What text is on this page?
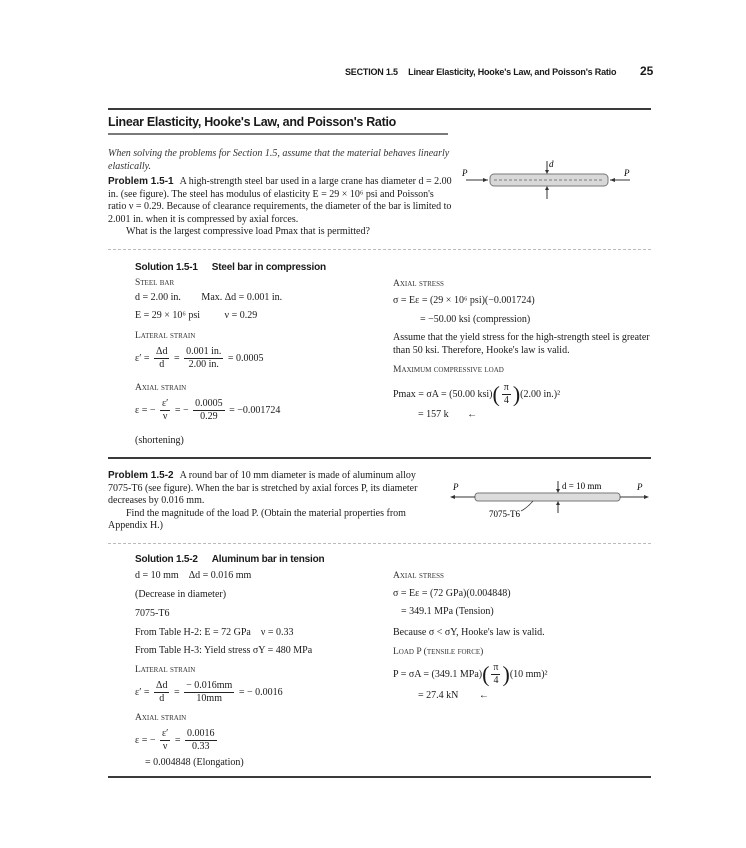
SECTION 1.5 Linear Elasticity, Hooke's Law, and Poisson's Ratio 25
Linear Elasticity, Hooke's Law, and Poisson's Ratio
When solving the problems for Section 1.5, assume that the material behaves linearly elastically.
Problem 1.5-1 A high-strength steel bar used in a large crane has diameter d = 2.00 in. (see figure). The steel has modulus of elasticity E = 29 × 10⁶ psi and Poisson's ratio ν = 0.29. Because of clearance requirements, the diameter of the bar is limited to 2.001 in. when it is compressed by axial forces.
What is the largest compressive load Pmax that is permitted?
P	P
d
Solution 1.5-1 Steel bar in compression
Steel bar
d = 2.00 in. Max. Δd = 0.001 in.
E = 29 × 10⁶ psi ν = 0.29
Lateral strain
$\varepsilon' = \frac{\Delta d}{d} = \frac{0.001 in.}{2.00 in.} = 0.0005$
Axial strain
ε = − $\frac{\varepsilon'}{\nu}$ = − $\frac{0.0005}{0.29} = -0.001724$
(shortening)
Axial stress
σ = Eε = (29 × 10⁶ psi)(−0.001724)
= −50.00 ksi (compression)
Assume that the yield stress for the high-strength steel is greater than 50 ksi. Therefore, Hooke's law is valid.
Maximum compressive load
Pmax = σA = (50.00 $ksi)( \frac{\pi}{4} )(2.00$ in.)²
= 157 k ←
Problem 1.5-2 A round bar of 10 mm diameter is made of aluminum alloy 7075-T6 (see figure). When the bar is stretched by axial forces P, its diameter decreases by 0.016 mm.
Find the magnitude of the load P. (Obtain the material properties from Appendix H.)
P	P
d = 10 mm
7075-T6
Solution 1.5-2 Aluminum bar in tension
d = 10 mm    Δd = 0.016 mm
(Decrease in diameter)
7075-T6
From Table H-2: E = 72 GPa    ν = 0.33
From Table H-3: Yield stress σY = 480 MPa
Lateral strain
$\varepsilon' = \frac{\Delta d}{d} = \frac{- 0.016mm}{10mm}$ = − 0.0016
Axial strain
ε = − $\frac{\varepsilon'}{\nu} = \frac{0.0016}{0.33}$
= 0.004848 (Elongation)
Axial stress
σ = Eε = (72 GPa)(0.004848)
= 349.1 MPa (Tension)
Because σ < σY, Hooke's law is valid.
Load P (tensile force)
P = σA = (349.1 $MPa)( \frac{\pi}{4} )(10$ mm)²
= 27.4 kN ←
